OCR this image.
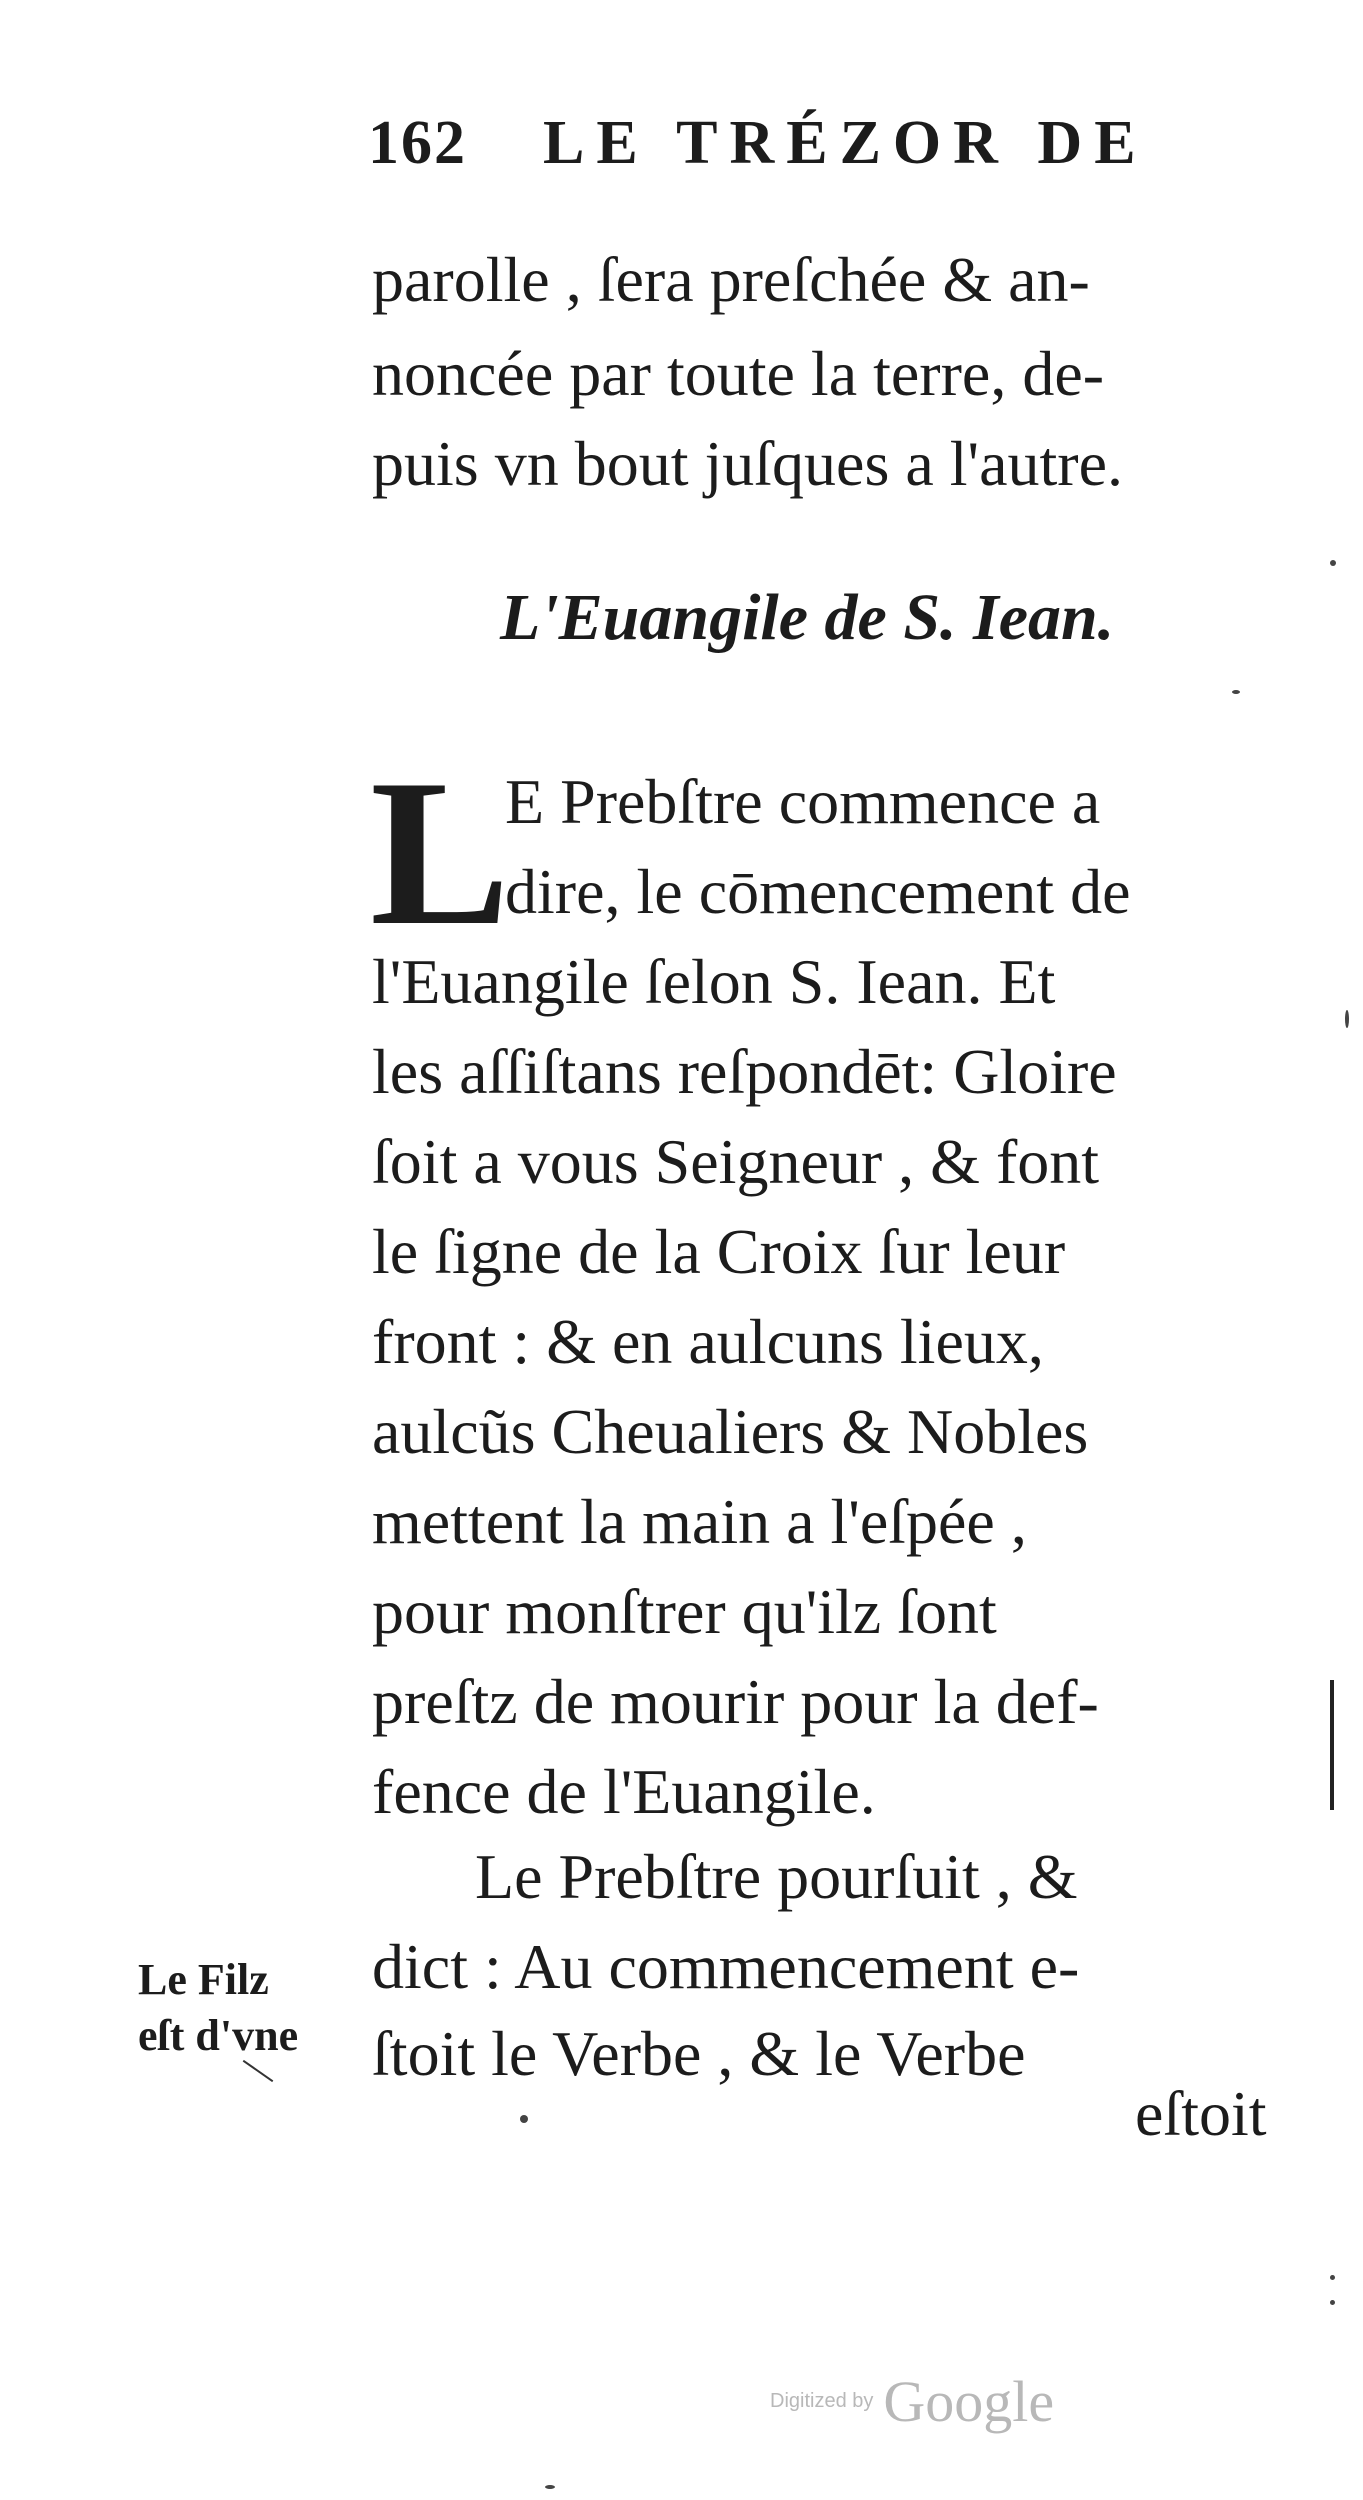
162 LE TRÉZOR DE
parolle , ſera preſchée & an-
noncée par toute la terre, de-
puis vn bout juſques a l'autre.
L'Euangile de S. Iean.
L
E Prebſtre commence a
dire, le cōmencement de
l'Euangile ſelon S. Iean. Et
les aſſiſtans reſpondēt: Gloire
ſoit a vous Seigneur , & font
le ſigne de la Croix ſur leur
front : & en aulcuns lieux,
aulcũs Cheualiers & Nobles
mettent la main a l'eſpée ,
pour monſtrer qu'ilz ſont
preſtz de mourir pour la def-
fence de l'Euangile.
Le Prebſtre pourſuit , &
dict : Au commencement e-
ſtoit le Verbe , & le Verbe
eſtoit
Le Filz
eſt d'vne
Digitized by Google
